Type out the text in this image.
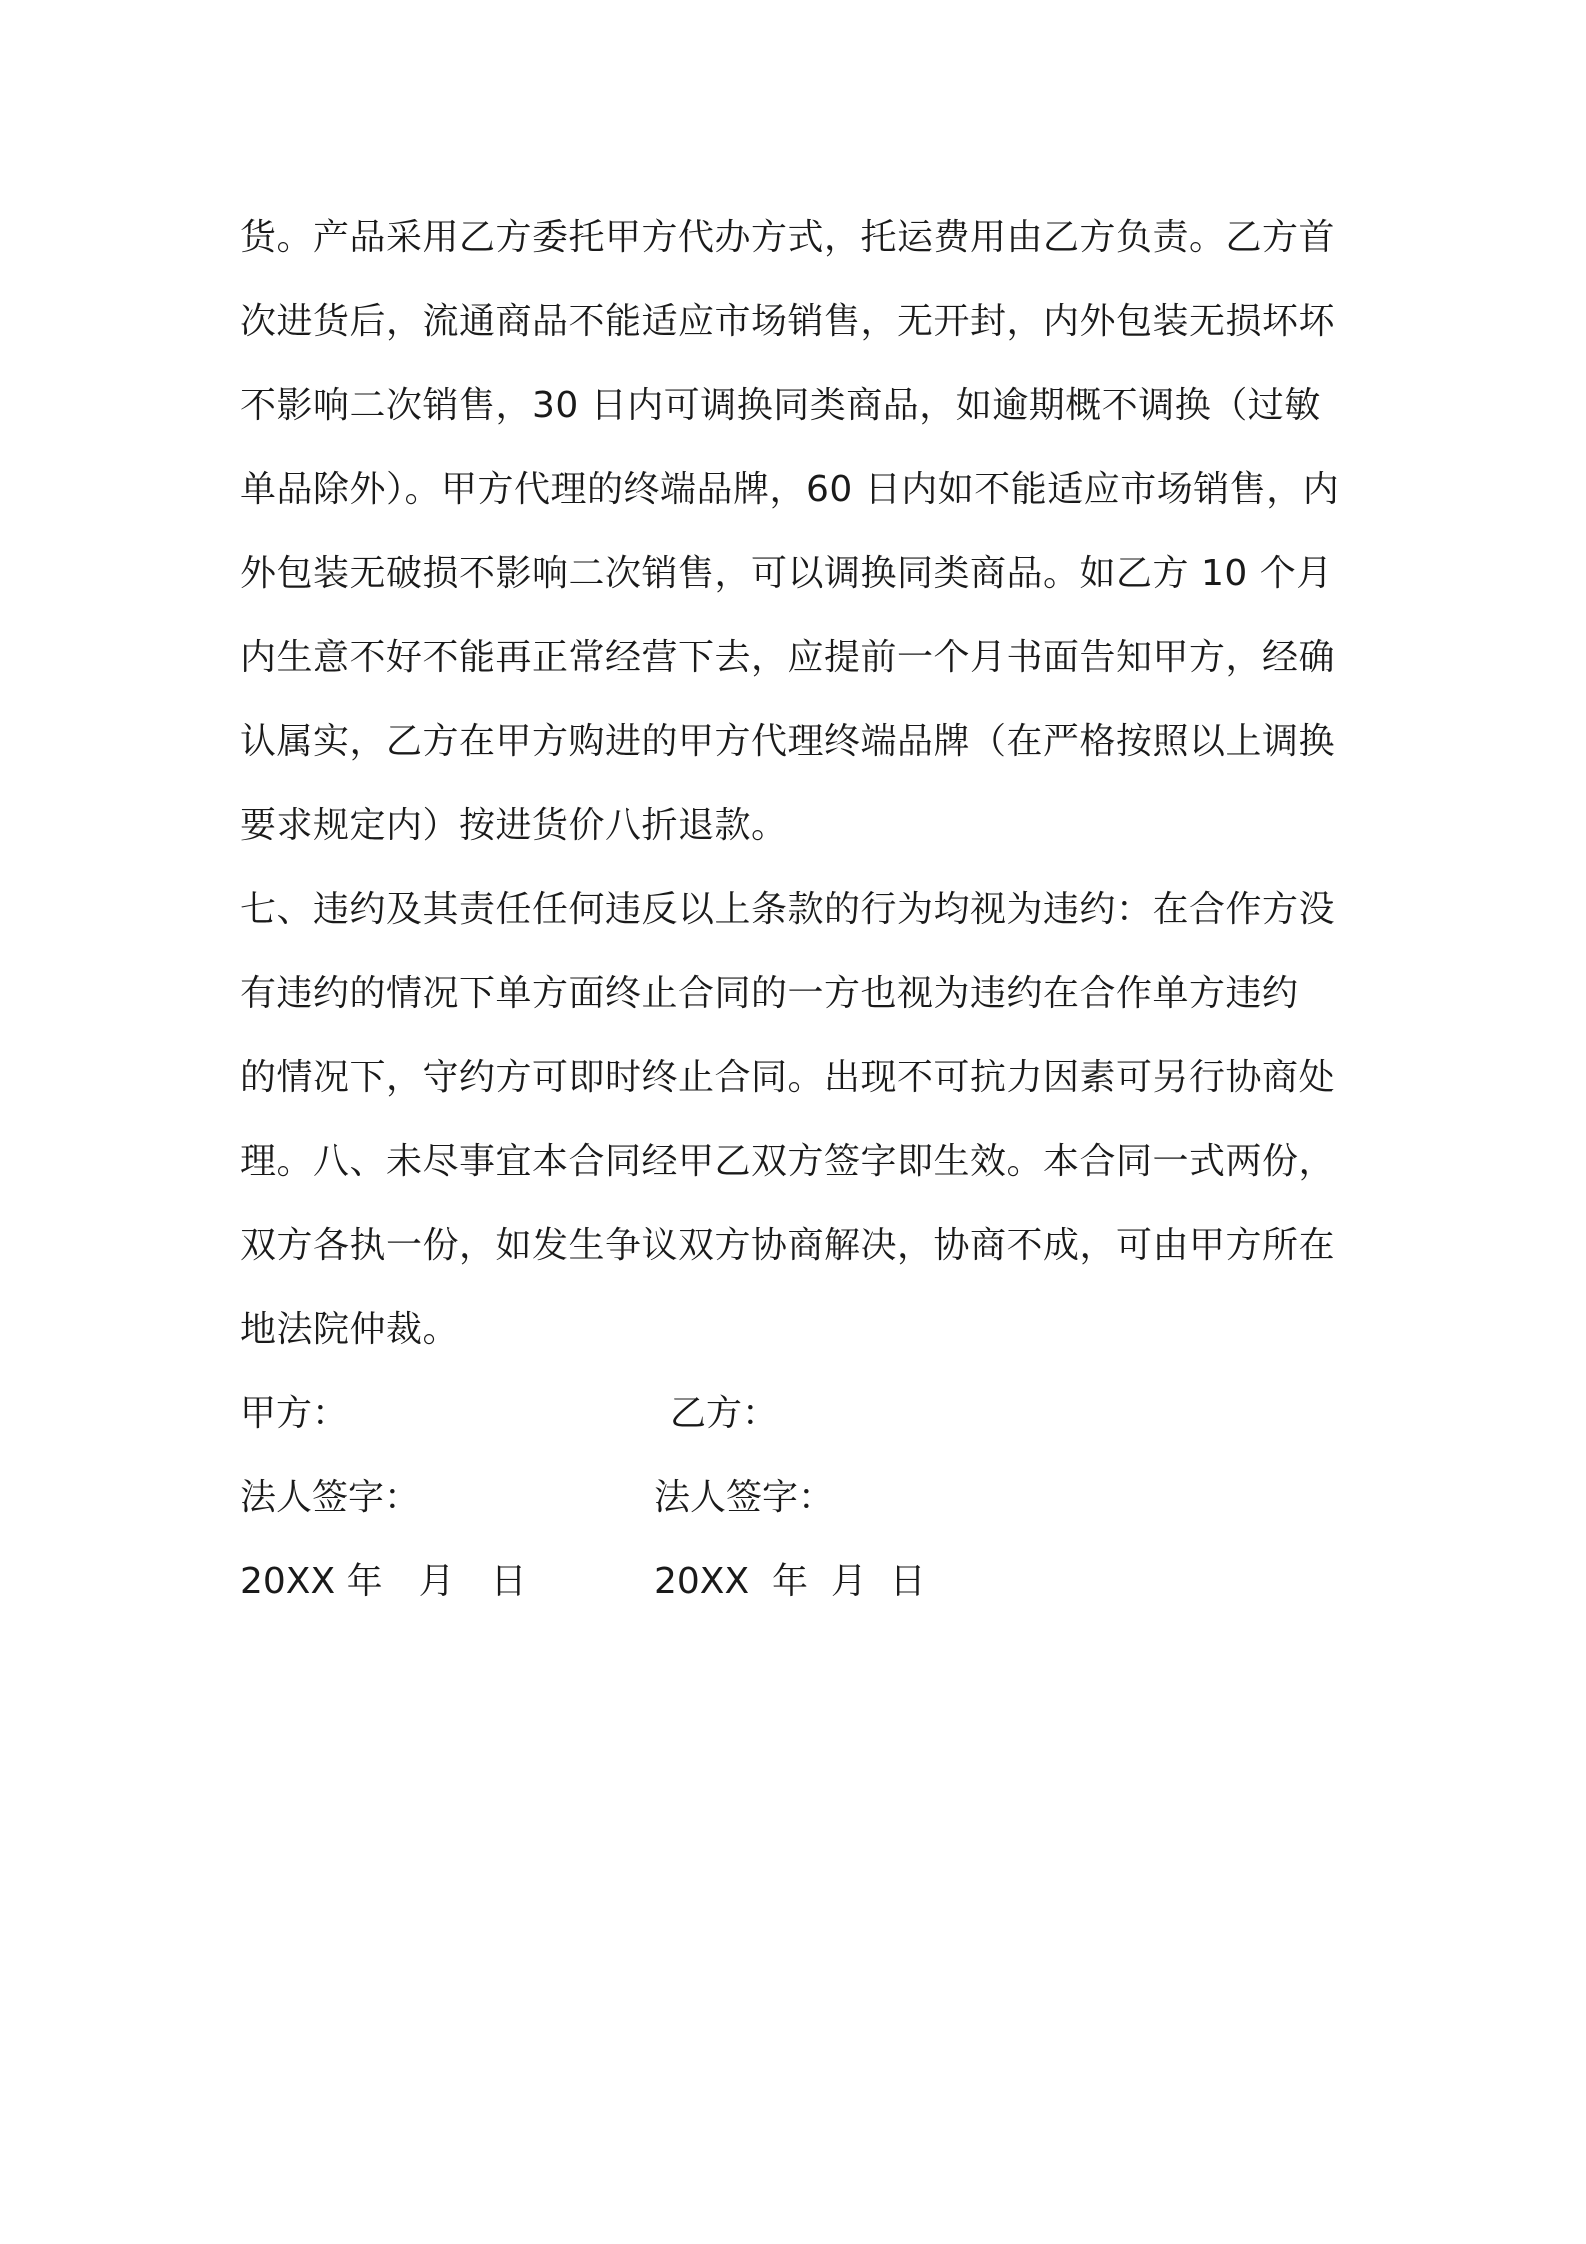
货。产品采用乙方委托甲方代办方式，托运费用由乙方负责。乙方首
次进货后，流通商品不能适应市场销售，无开封，内外包装无损坏坏
不影响二次销售，30 日内可调换同类商品，如逾期概不调换（过敏
单品除外）。甲方代理的终端品牌，60 日内如不能适应市场销售，内
外包装无破损不影响二次销售，可以调换同类商品。如乙方 10 个月
内生意不好不能再正常经营下去，应提前一个月书面告知甲方，经确
认属实，乙方在甲方购进的甲方代理终端品牌（在严格按照以上调换
要求规定内）按进货价八折退款。
七、违约及其责任任何违反以上条款的行为均视为违约：在合作方没
有违约的情况下单方面终止合同的一方也视为违约在合作单方违约
的情况下，守约方可即时终止合同。出现不可抗力因素可另行协商处
理。八、未尽事宜本合同经甲乙双方签字即生效。本合同一式两份，
双方各执一份，如发生争议双方协商解决，协商不成，可由甲方所在
地法院仲裁。
甲方：	乙方：
法人签字：	法人签字：
20XX 年　月　日	20XX  年  月  日
